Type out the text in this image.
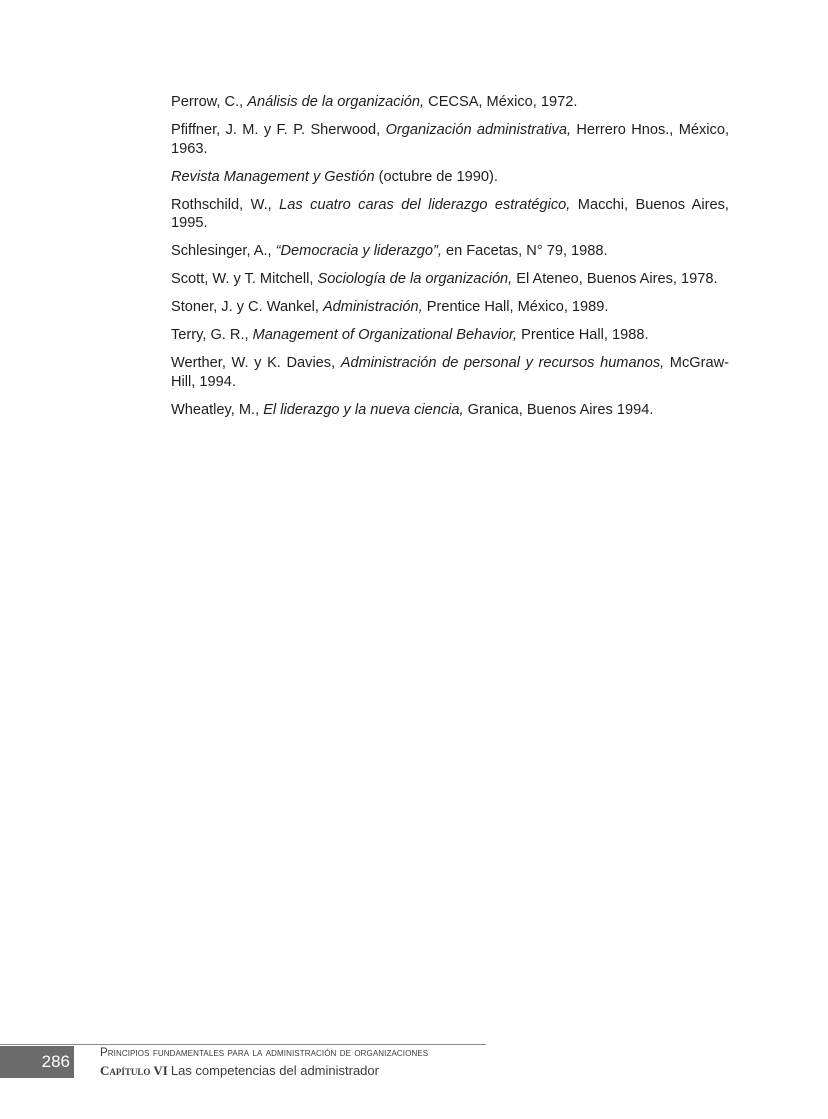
Perrow, C., Análisis de la organización, CECSA, México, 1972.
Pfiffner, J. M. y F. P. Sherwood, Organización administrativa, Herrero Hnos., México, 1963.
Revista Management y Gestión (octubre de 1990).
Rothschild, W., Las cuatro caras del liderazgo estratégico, Macchi, Buenos Aires, 1995.
Schlesinger, A., “Democracia y liderazgo”, en Facetas, N° 79, 1988.
Scott, W. y T. Mitchell, Sociología de la organización, El Ateneo, Buenos Aires, 1978.
Stoner, J. y C. Wankel, Administración, Prentice Hall, México, 1989.
Terry, G. R., Management of Organizational Behavior, Prentice Hall, 1988.
Werther, W. y K. Davies, Administración de personal y recursos humanos, McGraw-Hill, 1994.
Wheatley, M., El liderazgo y la nueva ciencia, Granica, Buenos Aires 1994.
286	Principios fundamentales para la administración de organizaciones
Capítulo VI Las competencias del administrador
